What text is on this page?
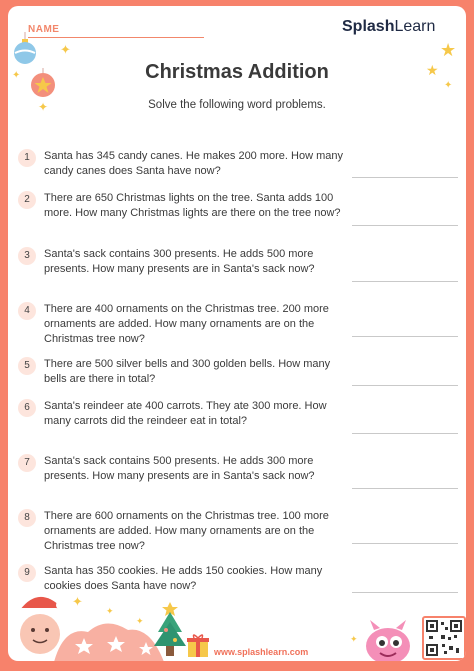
NAME	SplashLearn
✦
✦
✦
★
★
✦
Christmas Addition
Solve the following word problems.
1	Santa has 345 candy canes. He makes 200 more. How many candy canes does Santa have now?
2	There are 650 Christmas lights on the tree. Santa adds 100 more. How many Christmas lights are there on the tree now?
3	Santa's sack contains 300 presents. He adds 500 more presents. How many presents are in Santa's sack now?
4	There are 400 ornaments on the Christmas tree. 200 more ornaments are added. How many ornaments are on the Christmas tree now?
5	There are 500 silver bells and 300 golden bells. How many bells are there in total?
6	Santa's reindeer ate 400 carrots. They ate 300 more. How many carrots did the reindeer eat in total?
7	Santa's sack contains 500 presents. He adds 300 more presents. How many presents are in Santa's sack now?
8	There are 600 ornaments on the Christmas tree. 100 more ornaments are added. How many ornaments are on the Christmas tree now?
9	Santa has 350 cookies. He adds 150 cookies. How many cookies does Santa have now?
✦
✦
✦
www.splashlearn.com
✦
